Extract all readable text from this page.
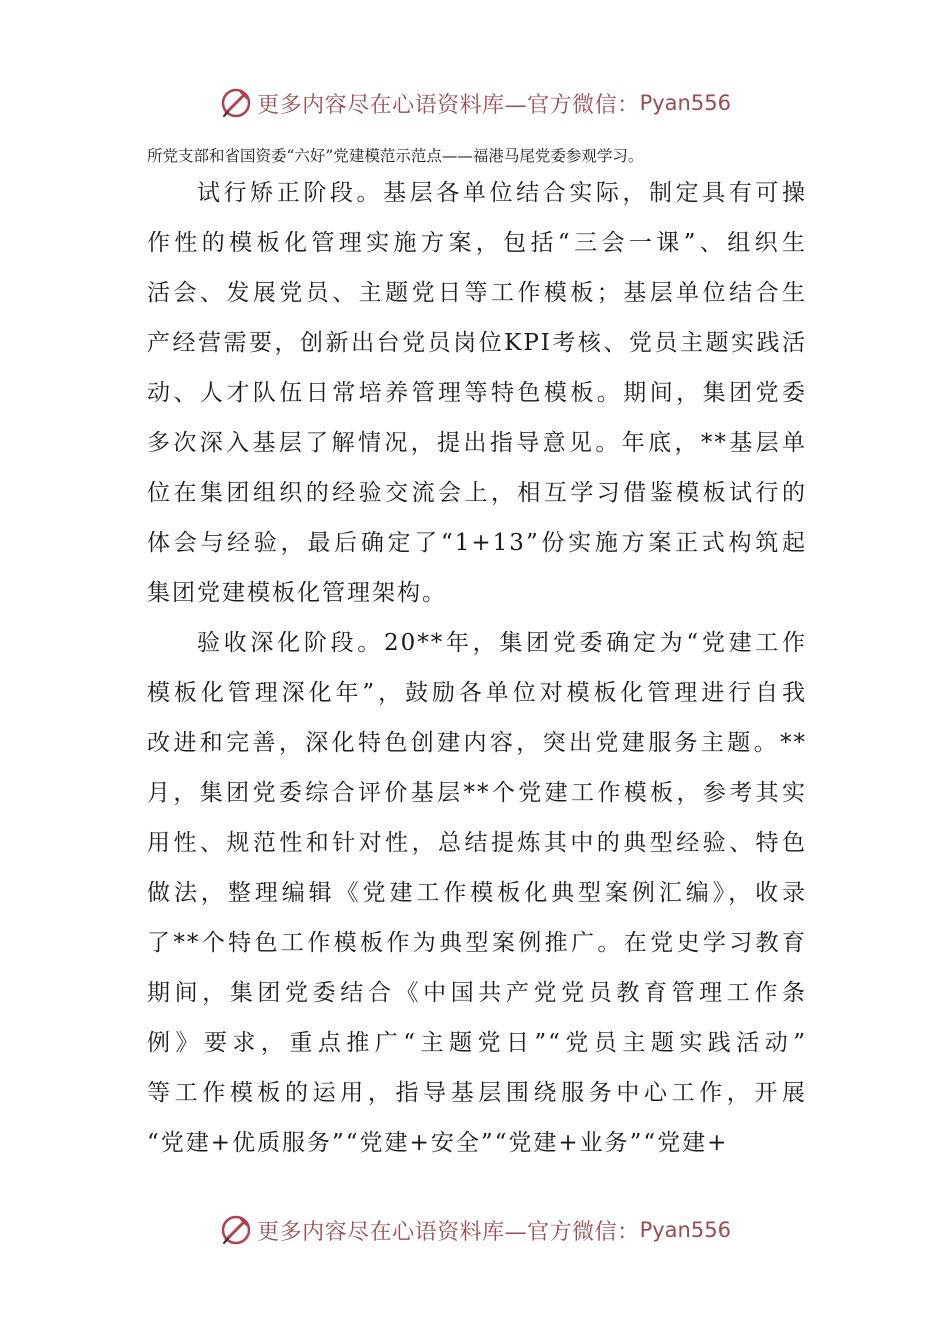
更多内容尽在心语资料库—官方微信： Pyan556
所党支部和省国资委“六好”党建模范示范点——福港马尾党委参观学习。
试行矫正阶段。基层各单位结合实际，制定具有可操
作性的模板化管理实施方案，包括“三会一课”、组织生
活会、发展党员、主题党日等工作模板；基层单位结合生
产经营需要，创新出台党员岗位KPI考核、党员主题实践活
动、人才队伍日常培养管理等特色模板。期间，集团党委
多次深入基层了解情况，提出指导意见。年底，**基层单
位在集团组织的经验交流会上，相互学习借鉴模板试行的
体会与经验，最后确定了“1+13”份实施方案正式构筑起
集团党建模板化管理架构。
验收深化阶段。20**年，集团党委确定为“党建工作
模板化管理深化年”，鼓励各单位对模板化管理进行自我
改进和完善，深化特色创建内容，突出党建服务主题。**
月，集团党委综合评价基层**个党建工作模板，参考其实
用性、规范性和针对性，总结提炼其中的典型经验、特色
做法，整理编辑《党建工作模板化典型案例汇编》，收录
了**个特色工作模板作为典型案例推广。在党史学习教育
期间，集团党委结合《中国共产党党员教育管理工作条
例》要求，重点推广“主题党日”“党员主题实践活动”
等工作模板的运用，指导基层围绕服务中心工作，开展
“党建+优质服务”“党建+安全”“党建+业务”“党建+
更多内容尽在心语资料库—官方微信： Pyan556
